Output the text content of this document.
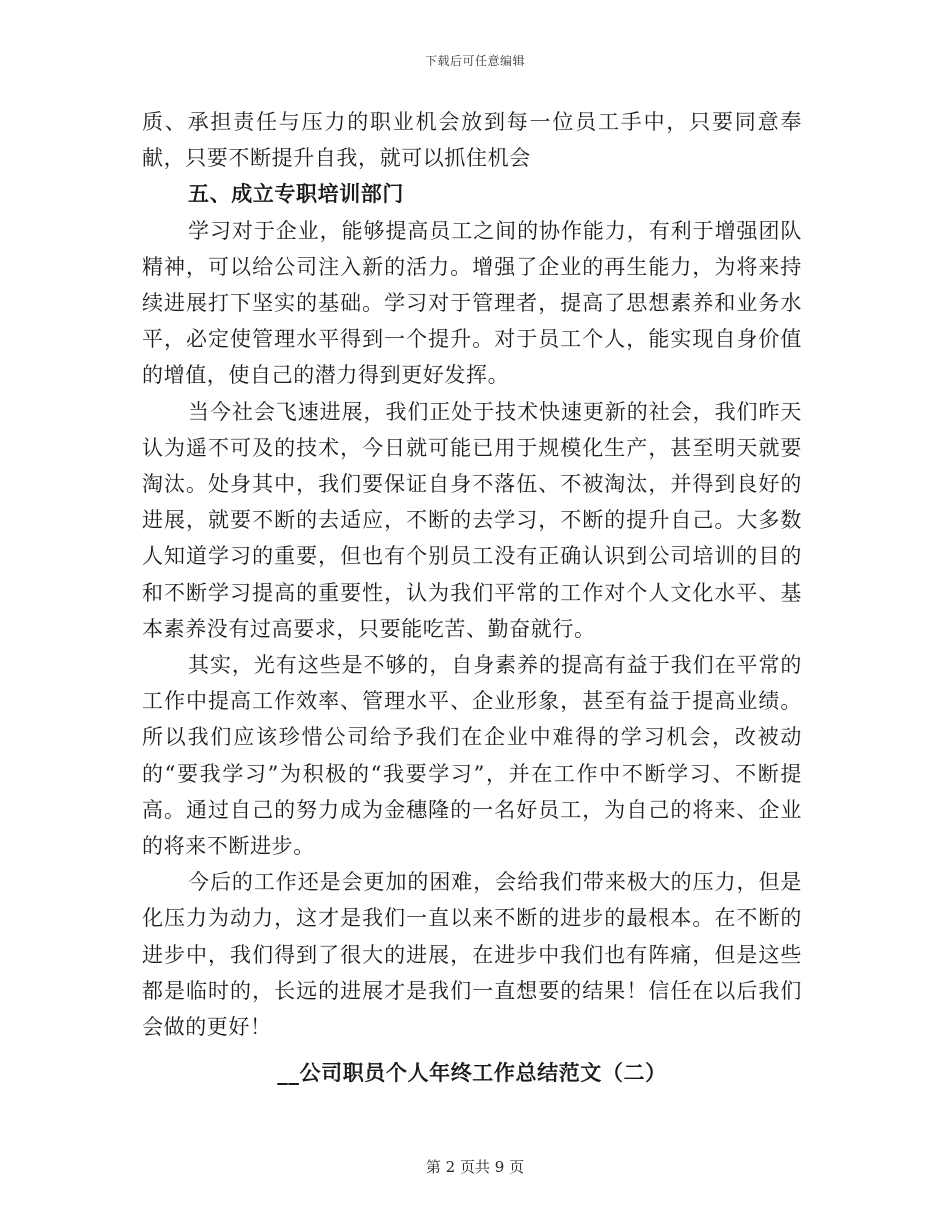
下载后可任意编辑

质、承担责任与压力的职业机会放到每一位员工手中，只要同意奉献，只要不断提升自我，就可以抓住机会

五、成立专职培训部门

学习对于企业，能够提高员工之间的协作能力，有利于增强团队精神，可以给公司注入新的活力。增强了企业的再生能力，为将来持续进展打下坚实的基础。学习对于管理者，提高了思想素养和业务水平，必定使管理水平得到一个提升。对于员工个人，能实现自身价值的增值，使自己的潜力得到更好发挥。

当今社会飞速进展，我们正处于技术快速更新的社会，我们昨天认为遥不可及的技术，今日就可能已用于规模化生产，甚至明天就要淘汰。处身其中，我们要保证自身不落伍、不被淘汰，并得到良好的进展，就要不断的去适应，不断的去学习，不断的提升自己。大多数人知道学习的重要，但也有个别员工没有正确认识到公司培训的目的和不断学习提高的重要性，认为我们平常的工作对个人文化水平、基本素养没有过高要求，只要能吃苦、勤奋就行。

其实，光有这些是不够的，自身素养的提高有益于我们在平常的工作中提高工作效率、管理水平、企业形象，甚至有益于提高业绩。所以我们应该珍惜公司给予我们在企业中难得的学习机会，改被动的“要我学习”为积极的“我要学习”，并在工作中不断学习、不断提高。通过自己的努力成为金穗隆的一名好员工，为自己的将来、企业的将来不断进步。

今后的工作还是会更加的困难，会给我们带来极大的压力，但是化压力为动力，这才是我们一直以来不断的进步的最根本。在不断的进步中，我们得到了很大的进展，在进步中我们也有阵痛，但是这些都是临时的，长远的进展才是我们一直想要的结果！信任在以后我们会做的更好！

__公司职员个人年终工作总结范文（二）

第 2 页共 9 页
